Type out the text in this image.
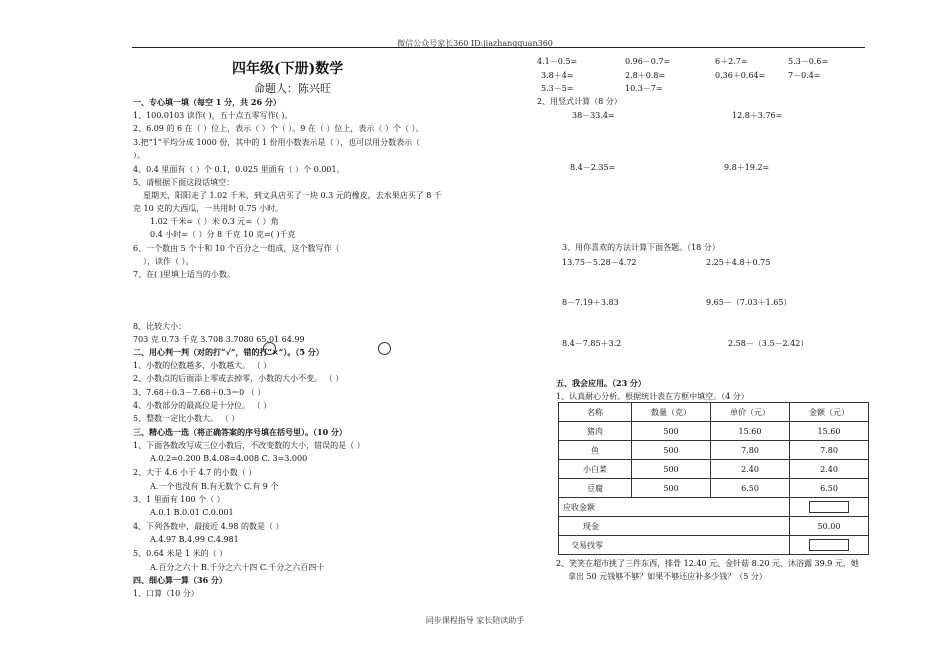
微信公众号家长360 ID:jiazhangquan360
四年级(下册)数学
命题人：陈兴旺
一、专心填一填（每空 1 分，共 26 分）
1、100.0103 读作( )，五十点五零写作( )。
2、6.09 的 6 在（ ）位上，表示（ ）个（ ）。9 在（ ）位上，表示（ ）个（ ）。
3.把“1”平均分成 1000 份，其中的 1 份用小数表示是（ ），也可以用分数表示（
）。
4、0.4 里面有（ ）个 0.1，0.025 里面有（ ）个 0.001。
5、请根据下面这段话填空：
星期天，阳阳走了 1.02 千米，到文具店买了一块 0.3 元的橡皮，去水果店买了 8 千
克 10 克的大西瓜，一共用时 0.75 小时。
1.02 千米=（ ）米 0.3 元=（ ）角
0.4 小时=（ ）分 8 千克 10 克=( )千克
6、一个数由 5 个十和 10 个百分之一组成，这个数写作（
），读作（ ）。
7、在( )里填上适当的小数。
8、比较大小：
703 克 0.73 千克 3.708 3.7080 65.01 64.99
二、用心判一判（对的打“√”，错的打“×”）。（5 分）
1、小数的位数越多，小数越大。 （ ）
2、小数点的后面添上零或去掉零，小数的大小不变。 （ ）
3、7.68＋0.3－7.68＋0.3＝0 （ ）
4、小数部分的最高位是十分位。 （ ）
5、整数一定比小数大。 （ ）
三、精心选一选（将正确答案的序号填在括号里）。（10 分）
1、下面各数改写成三位小数后，不改变数的大小，错误的是（ ）
A.0.2=0.200 B.4.08=4.008 C. 3=3.000
2、大于 4.6 小于 4.7 的小数（ ）
A.一个也没有 B.有无数个 C.有 9 个
3、1 里面有 100 个（ ）
A.0.1 B.0.01 C.0.001
4、下列各数中，最接近 4.98 的数是（ ）
A.4.97 B.4.99 C.4.981
5、0.64 米是 1 米的（ ）
A.百分之六十 B.千分之六十四 C.千分之六百四十
四、细心算一算（36 分）
1、口算（10 分）
4.1－0.5=	0.96－0.7=	6＋2.7=	5.3－0.6=
3.8＋4=	2.8＋0.8=	0.36＋0.64=	7－0.4=
5.3－5=	10.3－7=
2、用竖式计算（8 分）
38－33.4=	12.8＋3.76=
8.4－2.35=	9.8＋19.2=
3、用你喜欢的方法计算下面各题。（18 分）
13.75－5.28－4.72	2.25＋4.8＋0.75
8－7.19＋3.83	9.65－（7.03＋1.65）
8.4－7.85＋3.2	2.58－（3.5－2.42）
五、我会应用。（23 分）
1、认真耐心分析。根据统计表在方框中填空。（4 分）
名称	数量（克）	单价（元）	金额（元）
猪肉	500	15.60	15.60
鱼	500	7.80	7.80
小白菜	500	2.40	2.40
豆腐	500	6.50	6.50
应收金额			
现金			50.00
交易找零			
2、笑笑在超市挑了三件东西，排骨 12.40 元、金针菇 8.20 元、沐浴露 39.9 元，她
拿出 50 元钱够不够？如果不够还应补多少钱？（5 分）
同步课程指导 家长陪读助手
